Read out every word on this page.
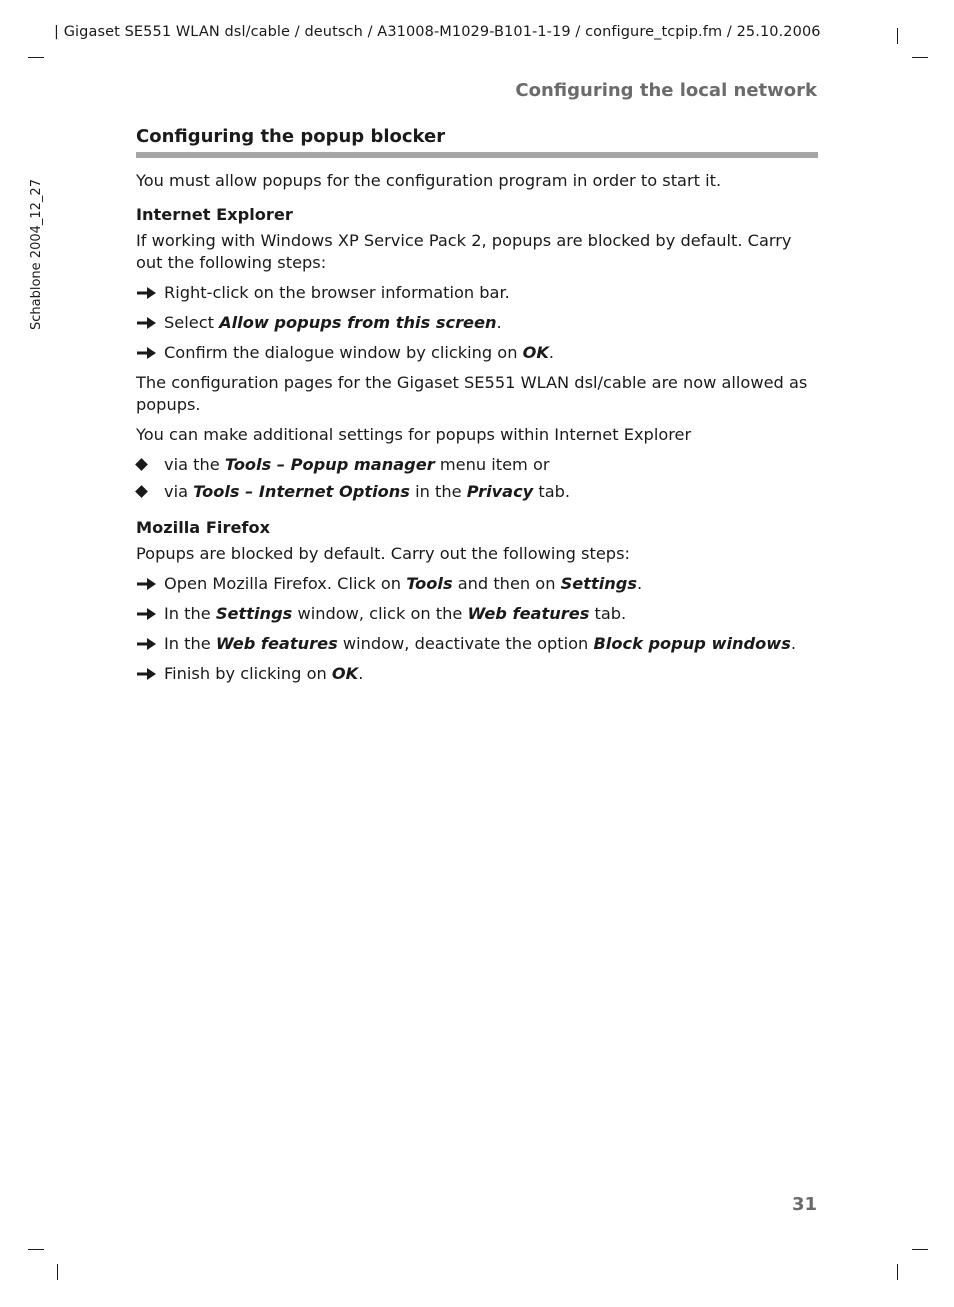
| Gigaset SE551 WLAN dsl/cable / deutsch / A31008-M1029-B101-1-19 / configure_tcpip.fm / 25.10.2006
Schablone 2004_12_27
Configuring the local network
Configuring the popup blocker

You must allow popups for the configuration program in order to start it.

Internet Explorer

If working with Windows XP Service Pack 2, popups are blocked by default. Carry out the following steps:

Right-click on the browser information bar.
Select Allow popups from this screen.
Confirm the dialogue window by clicking on OK.

The configuration pages for the Gigaset SE551 WLAN dsl/cable are now allowed as popups.

You can make additional settings for popups within Internet Explorer

via the Tools – Popup manager menu item or
via Tools – Internet Options in the Privacy tab.
Mozilla Firefox

Popups are blocked by default. Carry out the following steps:

Open Mozilla Firefox. Click on Tools and then on Settings.
In the Settings window, click on the Web features tab.
In the Web features window, deactivate the option Block popup windows.
Finish by clicking on OK.
31
